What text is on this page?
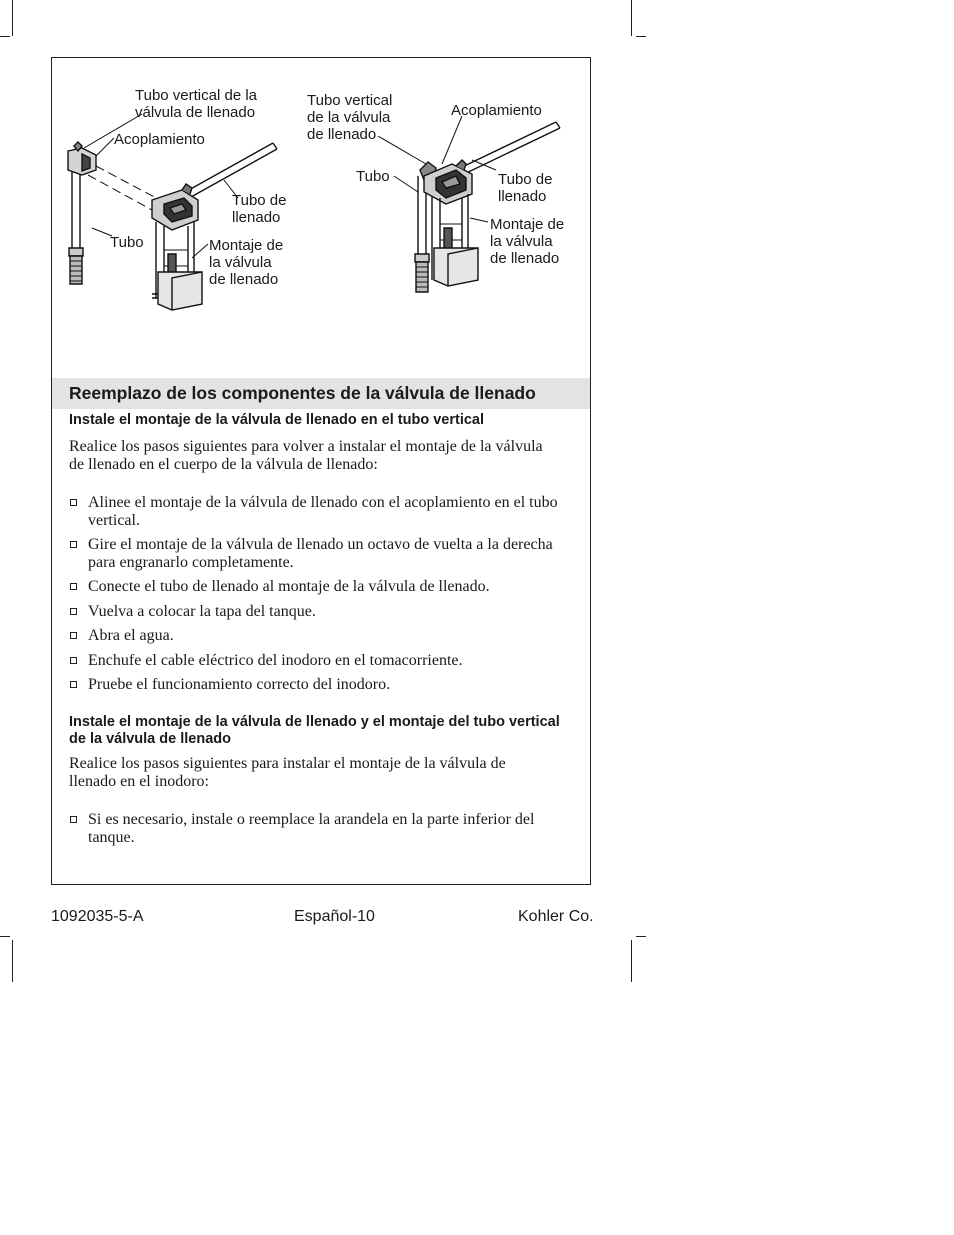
Tubo vertical de la
válvula de llenado
Acoplamiento
Tubo de
llenado
Tubo	Montaje de
la válvula
de llenado
Tubo vertical
de la válvula
de llenado
Acoplamiento
Tubo	Tubo de
llenado
Montaje de
la válvula
de llenado
Reemplazo de los componentes de la válvula de llenado
Instale el montaje de la válvula de llenado en el tubo vertical

Realice los pasos siguientes para volver a instalar el montaje de la válvula de llenado en el cuerpo de la válvula de llenado:

Alinee el montaje de la válvula de llenado con el acoplamiento en el tubo vertical.
Gire el montaje de la válvula de llenado un octavo de vuelta a la derecha para engranarlo completamente.
Conecte el tubo de llenado al montaje de la válvula de llenado.
Vuelva a colocar la tapa del tanque.
Abra el agua.
Enchufe el cable eléctrico del inodoro en el tomacorriente.
Pruebe el funcionamiento correcto del inodoro.
Instale el montaje de la válvula de llenado y el montaje del tubo vertical de la válvula de llenado

Realice los pasos siguientes para instalar el montaje de la válvula de llenado en el inodoro:

Si es necesario, instale o reemplace la arandela en la parte inferior del tanque.
1092035-5-A	Español-10	Kohler Co.
